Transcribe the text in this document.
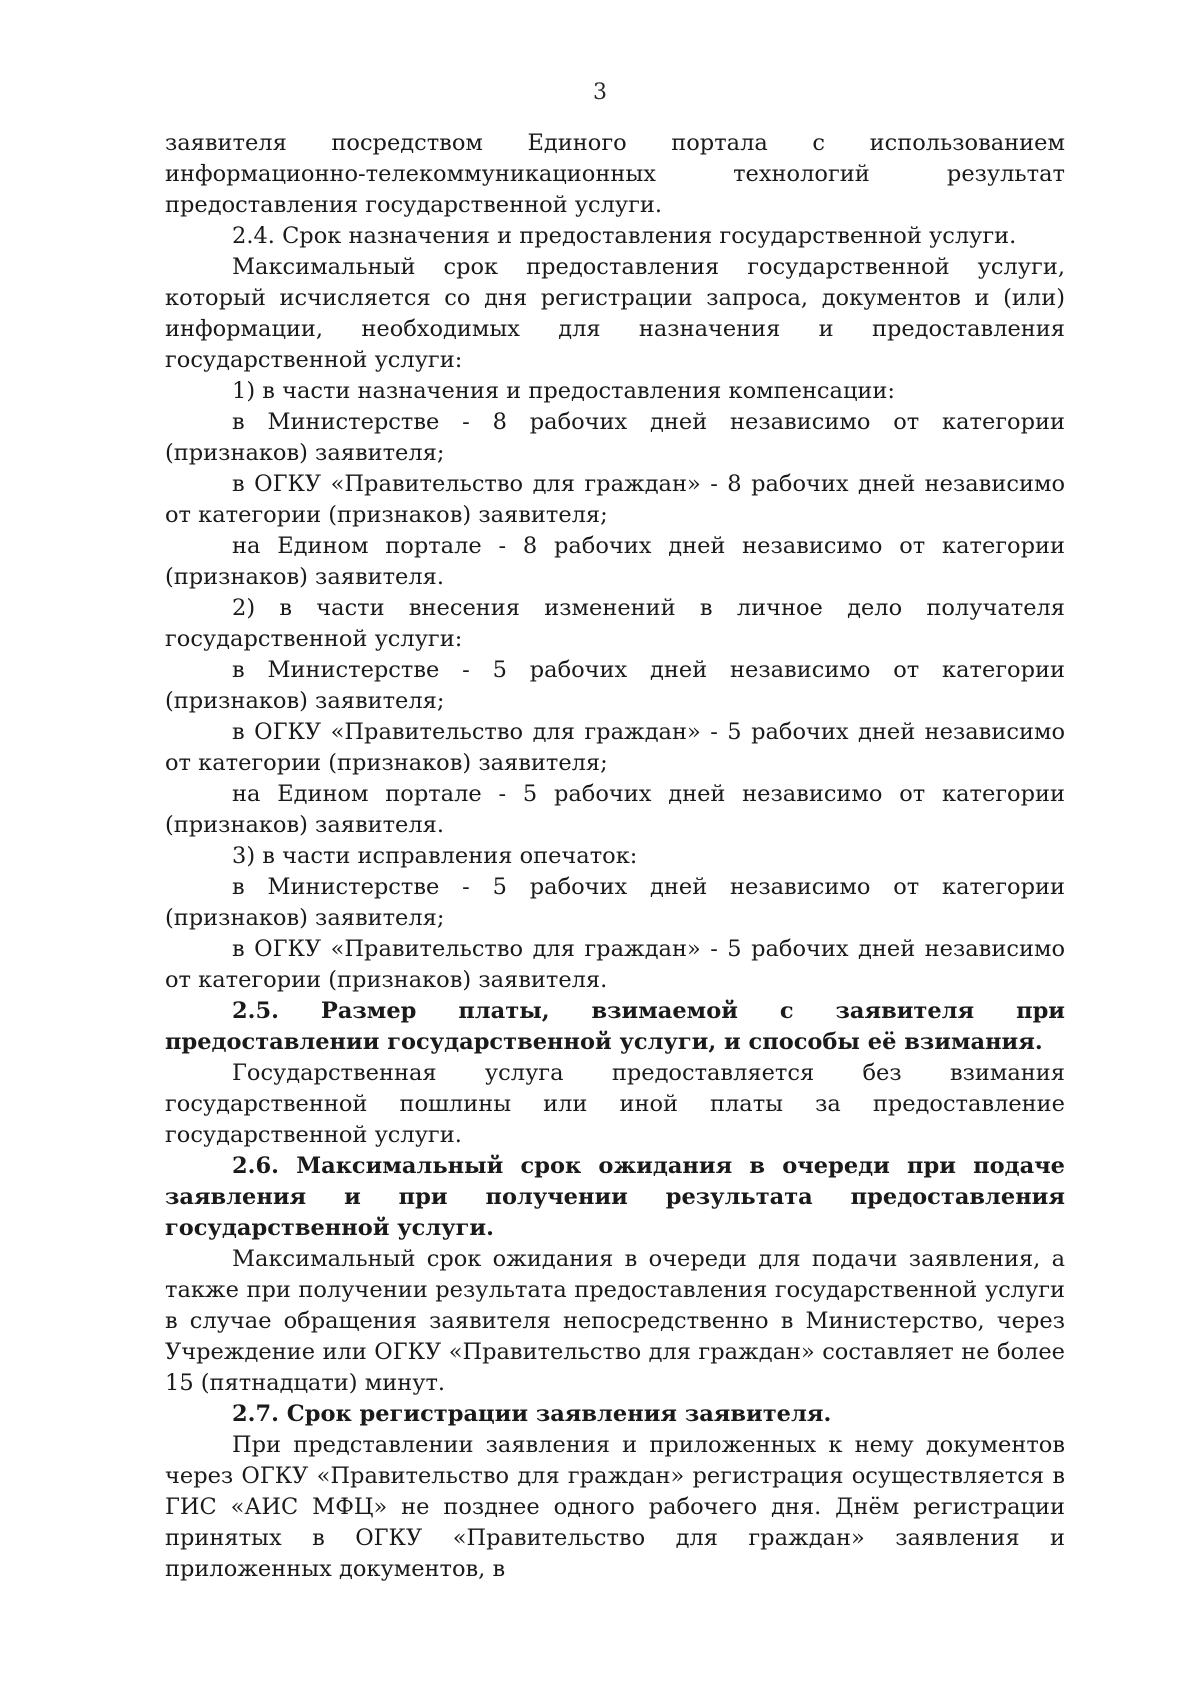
3

заявителя посредством Единого портала с использованием информационно-телекоммуникационных технологий результат предоставления государственной услуги.

2.4. Срок назначения и предоставления государственной услуги.

Максимальный срок предоставления государственной услуги, который исчисляется со дня регистрации запроса, документов и (или) информации, необходимых для назначения и предоставления государственной услуги:

1) в части назначения и предоставления компенсации:

в Министерстве - 8 рабочих дней независимо от категории (признаков) заявителя;

в ОГКУ «Правительство для граждан» - 8 рабочих дней независимо от категории (признаков) заявителя;

на Едином портале - 8 рабочих дней независимо от категории (признаков) заявителя.

2) в части внесения изменений в личное дело получателя государственной услуги:

в Министерстве - 5 рабочих дней независимо от категории (признаков) заявителя;

в ОГКУ «Правительство для граждан» - 5 рабочих дней независимо от категории (признаков) заявителя;

на Едином портале - 5 рабочих дней независимо от категории (признаков) заявителя.

3) в части исправления опечаток:

в Министерстве - 5 рабочих дней независимо от категории (признаков) заявителя;

в ОГКУ «Правительство для граждан» - 5 рабочих дней независимо от категории (признаков) заявителя.

2.5. Размер платы, взимаемой с заявителя при предоставлении государственной услуги, и способы её взимания.

Государственная услуга предоставляется без взимания государственной пошлины или иной платы за предоставление государственной услуги.

2.6. Максимальный срок ожидания в очереди при подаче заявления и при получении результата предоставления государственной услуги.

Максимальный срок ожидания в очереди для подачи заявления, а также при получении результата предоставления государственной услуги в случае обращения заявителя непосредственно в Министерство, через Учреждение или ОГКУ «Правительство для граждан» составляет не более 15 (пятнадцати) минут.

2.7. Срок регистрации заявления заявителя.

При представлении заявления и приложенных к нему документов через ОГКУ «Правительство для граждан» регистрация осуществляется в ГИС «АИС МФЦ» не позднее одного рабочего дня. Днём регистрации принятых в ОГКУ «Правительство для граждан» заявления и приложенных документов, в
